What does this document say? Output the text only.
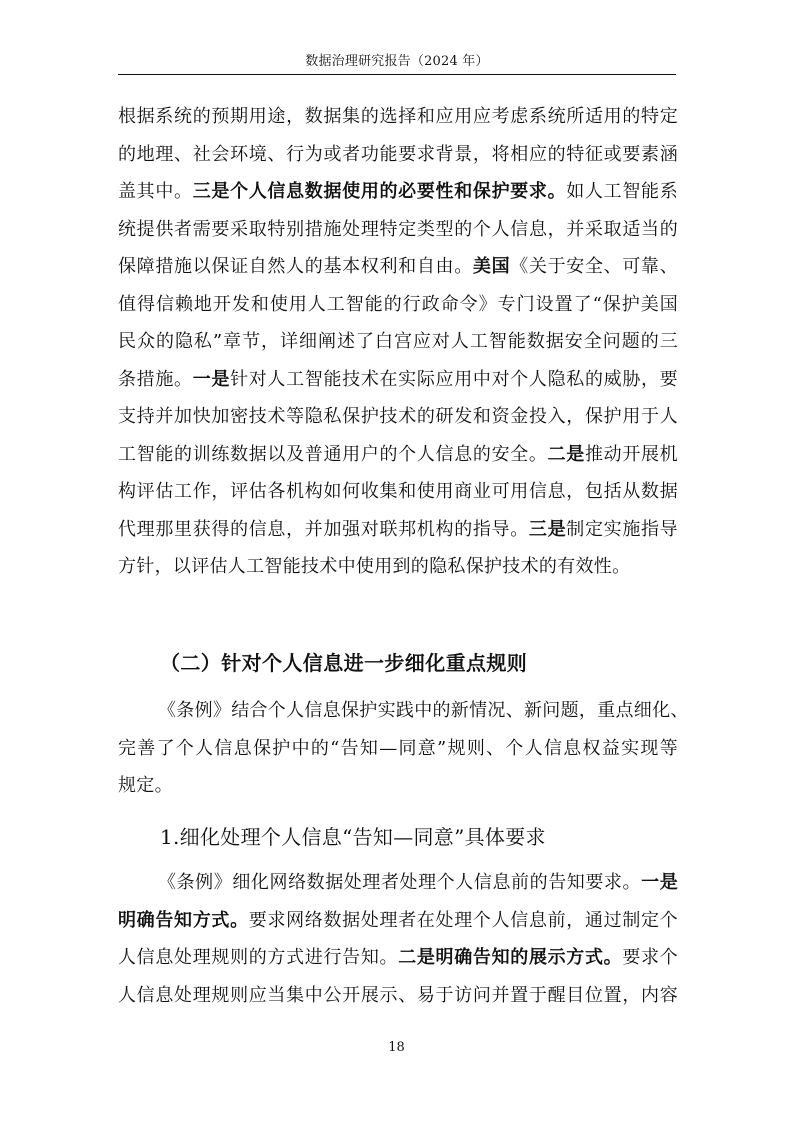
数据治理研究报告（2024 年）
根据系统的预期用途，数据集的选择和应用应考虑系统所适用的特定
的地理、社会环境、行为或者功能要求背景，将相应的特征或要素涵
盖其中。三是个人信息数据使用的必要性和保护要求。如人工智能系
统提供者需要采取特别措施处理特定类型的个人信息，并采取适当的
保障措施以保证自然人的基本权利和自由。美国《关于安全、可靠、
值得信赖地开发和使用人工智能的行政命令》专门设置了“保护美国
民众的隐私”章节，详细阐述了白宫应对人工智能数据安全问题的三
条措施。一是针对人工智能技术在实际应用中对个人隐私的威胁，要
支持并加快加密技术等隐私保护技术的研发和资金投入，保护用于人
工智能的训练数据以及普通用户的个人信息的安全。二是推动开展机
构评估工作，评估各机构如何收集和使用商业可用信息，包括从数据
代理那里获得的信息，并加强对联邦机构的指导。三是制定实施指导
方针，以评估人工智能技术中使用到的隐私保护技术的有效性。
（二）针对个人信息进一步细化重点规则
《条例》结合个人信息保护实践中的新情况、新问题，重点细化、
完善了个人信息保护中的“告知—同意”规则、个人信息权益实现等
规定。
1.细化处理个人信息“告知—同意”具体要求
《条例》细化网络数据处理者处理个人信息前的告知要求。一是
明确告知方式。要求网络数据处理者在处理个人信息前，通过制定个
人信息处理规则的方式进行告知。二是明确告知的展示方式。要求个
人信息处理规则应当集中公开展示、易于访问并置于醒目位置，内容
18
